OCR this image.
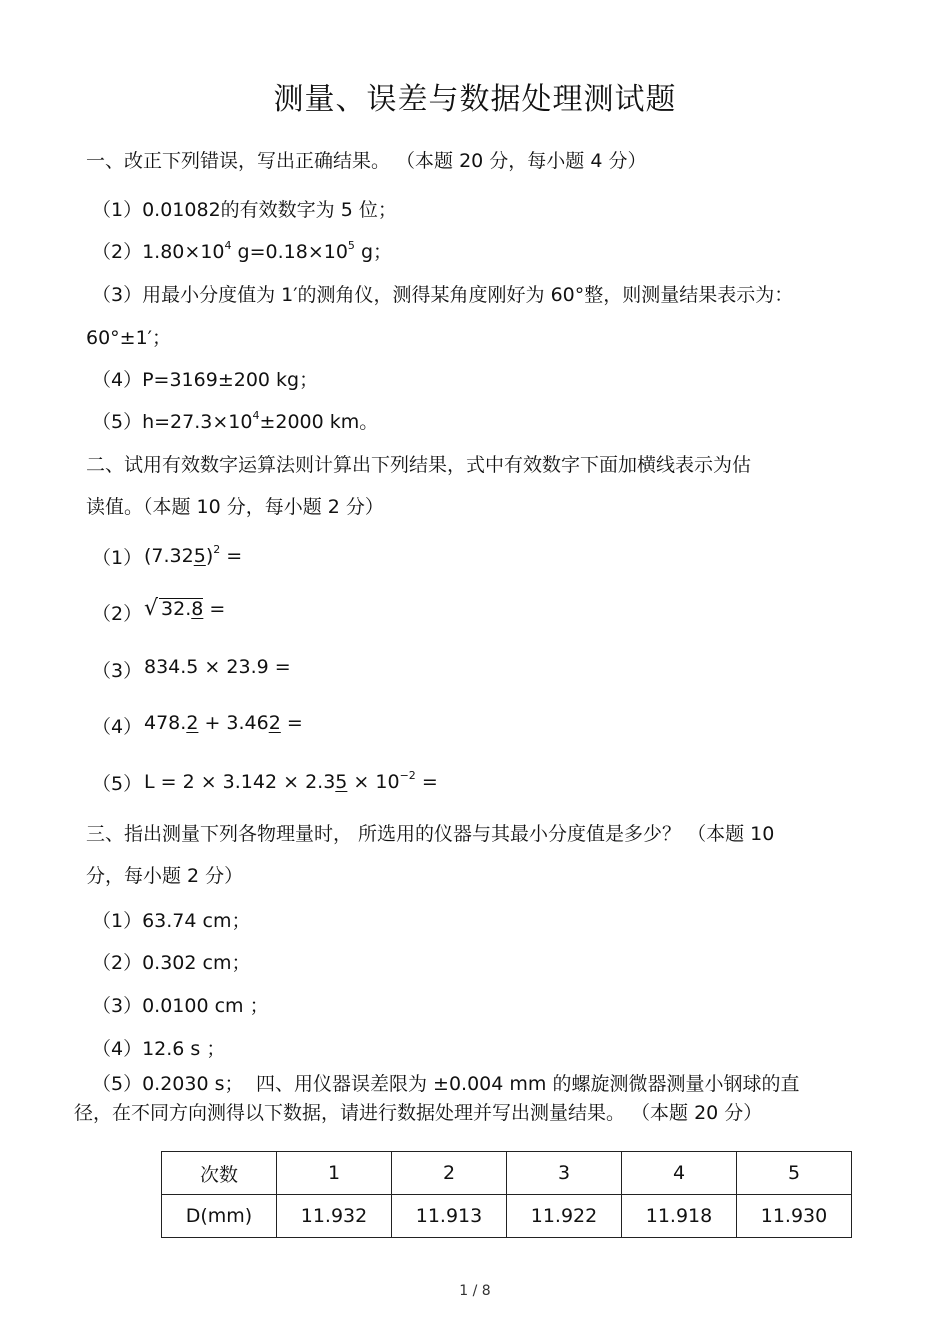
测量、误差与数据处理测试题
一、改正下列错误，写出正确结果。 （本题 20 分，每小题 4 分）
（1）0.01082的有效数字为 5 位；
$(2)1.80\times 10^4$ $g=0.18\times 10^5$ g；
（3）用最小分度值为 1′的测角仪，测得某角度刚好为 60°整，则测量结果表示为：
60°±1′；
（4）P=3169±200 kg；
$(5)h=27.3\times 10^4\pm 2000$ km。
二、试用有效数字运算法则计算出下列结果，式中有效数字下面加横线表示为估
读值。（本题 10 分，每小题 2 分）
（1） $(7.325)^2$ =
（2） √ 32.8 =
（3） 834.5 × 23.9 =
（4） 478.2 + 3.462 =
（5） $L = 2 \times 3.142 \times 2.35 \times 10^{-2}$ =
三、指出测量下列各物理量时， 所选用的仪器与其最小分度值是多少？ （本题 10
分，每小题 2 分）
（1）63.74 cm；
（2）0.302 cm；
（3）0.0100 cm ；
（4）12.6 s ；
（5）0.2030 s； 四、用仪器误差限为 ±0.004 mm 的螺旋测微器测量小钢球的直
径，在不同方向测得以下数据，请进行数据处理并写出测量结果。 （本题 20 分）
次数	1	2	3	4	5
D(mm)	11.932	11.913	11.922	11.918	11.930
1 / 8
